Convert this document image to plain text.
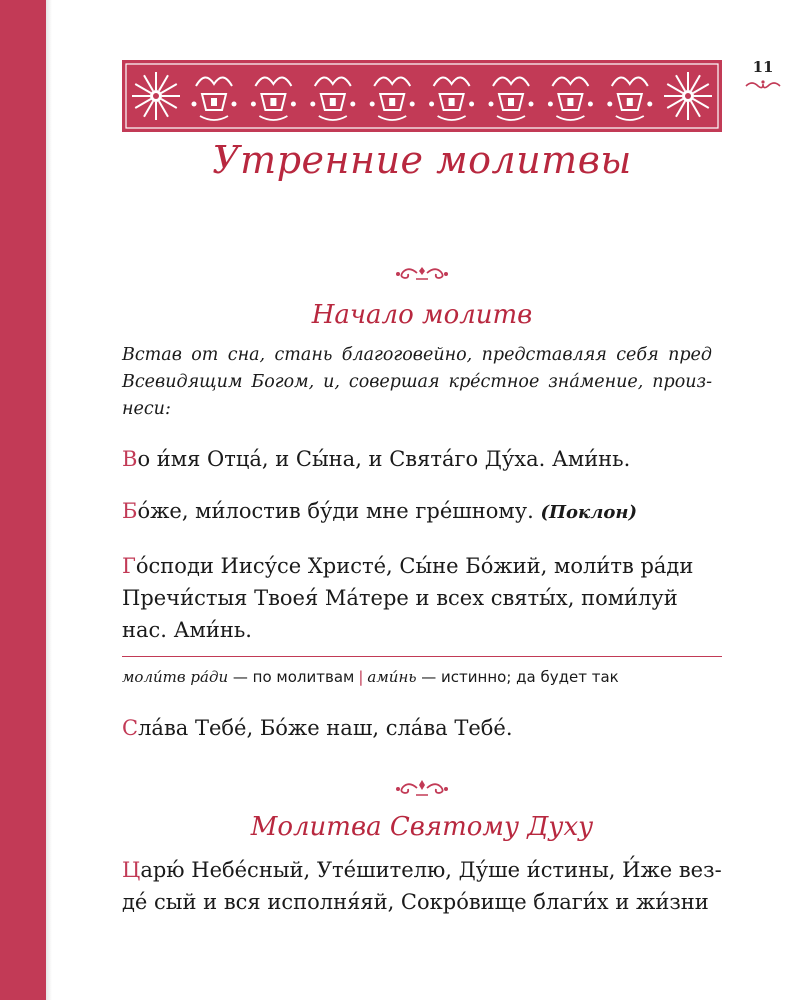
11
Утренние молитвы
Начало молитв
Встав от сна, стань благоговейно, представляя себя пред Всевидящим Богом, и, совершая кре́стное зна́мение, произ-неси:
Во и́мя Отца́, и Сы́на, и Свята́го Ду́ха. Ами́нь.
Бо́же, ми́лостив бу́ди мне гре́шному. (Поклон)
Го́споди Иису́се Христе́, Сы́не Бо́жий, моли́тв ра́ди
Пречи́стыя Твоея́ Ма́тере и всех святы́х, поми́луй
нас. Ами́нь.
моли́тв ра́ди — по молитвам | ами́нь — истинно; да будет так
Сла́ва Тебе́, Бо́же наш, сла́ва Тебе́.
Молитва Святому Духу
Царю́ Небе́сный, Уте́шителю, Ду́ше и́стины, И́же вез-
де́ сый и вся исполня́яй, Сокро́вище благи́х и жи́зни
